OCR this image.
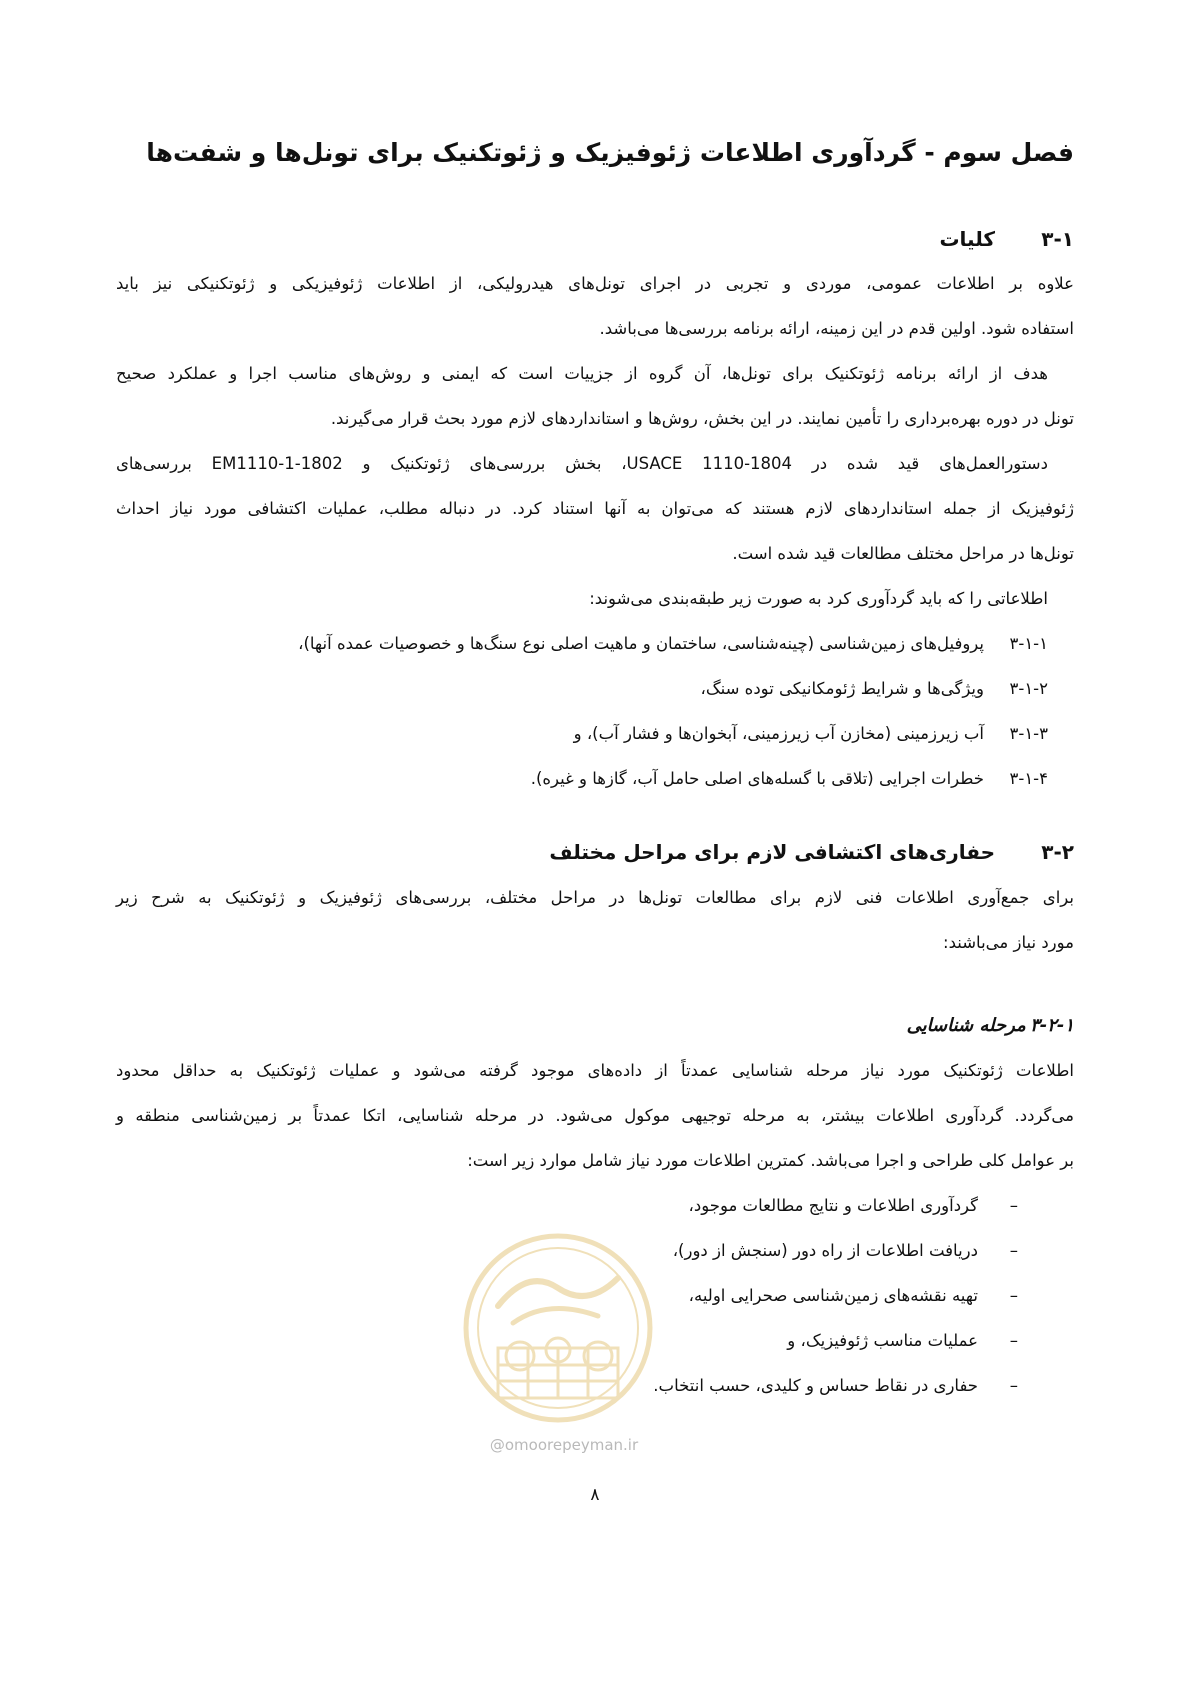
فصل سوم - گردآوری اطلاعات ژئوفیزیک و ژئوتکنیک برای تونل‌ها و شفت‌ها
۳-۱ کلیات

علاوه بر اطلاعات عمومی، موردی و تجربی در اجرای تونل‌های هیدرولیکی، از اطلاعات ژئوفیزیکی و ژئوتکنیکی نیز باید

استفاده شود. اولین قدم در این زمینه، ارائه برنامه بررسی‌ها می‌باشد.

هدف از ارائه برنامه ژئوتکنیک برای تونل‌ها، آن گروه از جزییات است که ایمنی و روش‌های مناسب اجرا و عملکرد صحیح

تونل در دوره بهره‌برداری را تأمین نمایند. در این بخش، روش‌ها و استانداردهای لازم مورد بحث قرار می‌گیرند.

دستورالعمل‌های قید شده در USACE 1110-1804، بخش بررسی‌های ژئوتکنیک و EM1110-1-1802 بررسی‌های

ژئوفیزیک از جمله استانداردهای لازم هستند که می‌توان به آنها استناد کرد. در دنباله مطلب، عملیات اکتشافی مورد نیاز احداث

تونل‌ها در مراحل مختلف مطالعات قید شده است.

اطلاعاتی را که باید گردآوری کرد به صورت زیر طبقه‌بندی می‌شوند:

۳-۱-۱پروفیل‌های زمین‌شناسی (چینه‌شناسی، ساختمان و ماهیت اصلی نوع سنگ‌ها و خصوصیات عمده آنها)،
۳-۱-۲ویژگی‌ها و شرایط ژئومکانیکی توده سنگ،
۳-۱-۳آب زیرزمینی (مخازن آب زیرزمینی، آبخوان‌ها و فشار آب)، و
۳-۱-۴خطرات اجرایی (تلاقی با گسله‌های اصلی حامل آب، گازها و غیره).
۳-۲ حفاری‌های اکتشافی لازم برای مراحل مختلف

برای جمع‌آوری اطلاعات فنی لازم برای مطالعات تونل‌ها در مراحل مختلف، بررسی‌های ژئوفیزیک و ژئوتکنیک به شرح زیر

مورد نیاز می‌باشند:

۳-۲-۱ مرحله شناسایی

اطلاعات ژئوتکنیک مورد نیاز مرحله شناسایی عمدتاً از داده‌های موجود گرفته می‌شود و عملیات ژئوتکنیک به حداقل محدود

می‌گردد. گردآوری اطلاعات بیشتر، به مرحله توجیهی موکول می‌شود. در مرحله شناسایی، اتکا عمدتاً بر زمین‌شناسی منطقه و

بر عوامل کلی طراحی و اجرا می‌باشد. کمترین اطلاعات مورد نیاز شامل موارد زیر است:

–گردآوری اطلاعات و نتایج مطالعات موجود،
–دریافت اطلاعات از راه دور (سنجش از دور)،
–تهیه نقشه‌های زمین‌شناسی صحرایی اولیه،
–عملیات مناسب ژئوفیزیک، و
–حفاری در نقاط حساس و کلیدی، حسب انتخاب.
@omoorepeyman.ir
۸
